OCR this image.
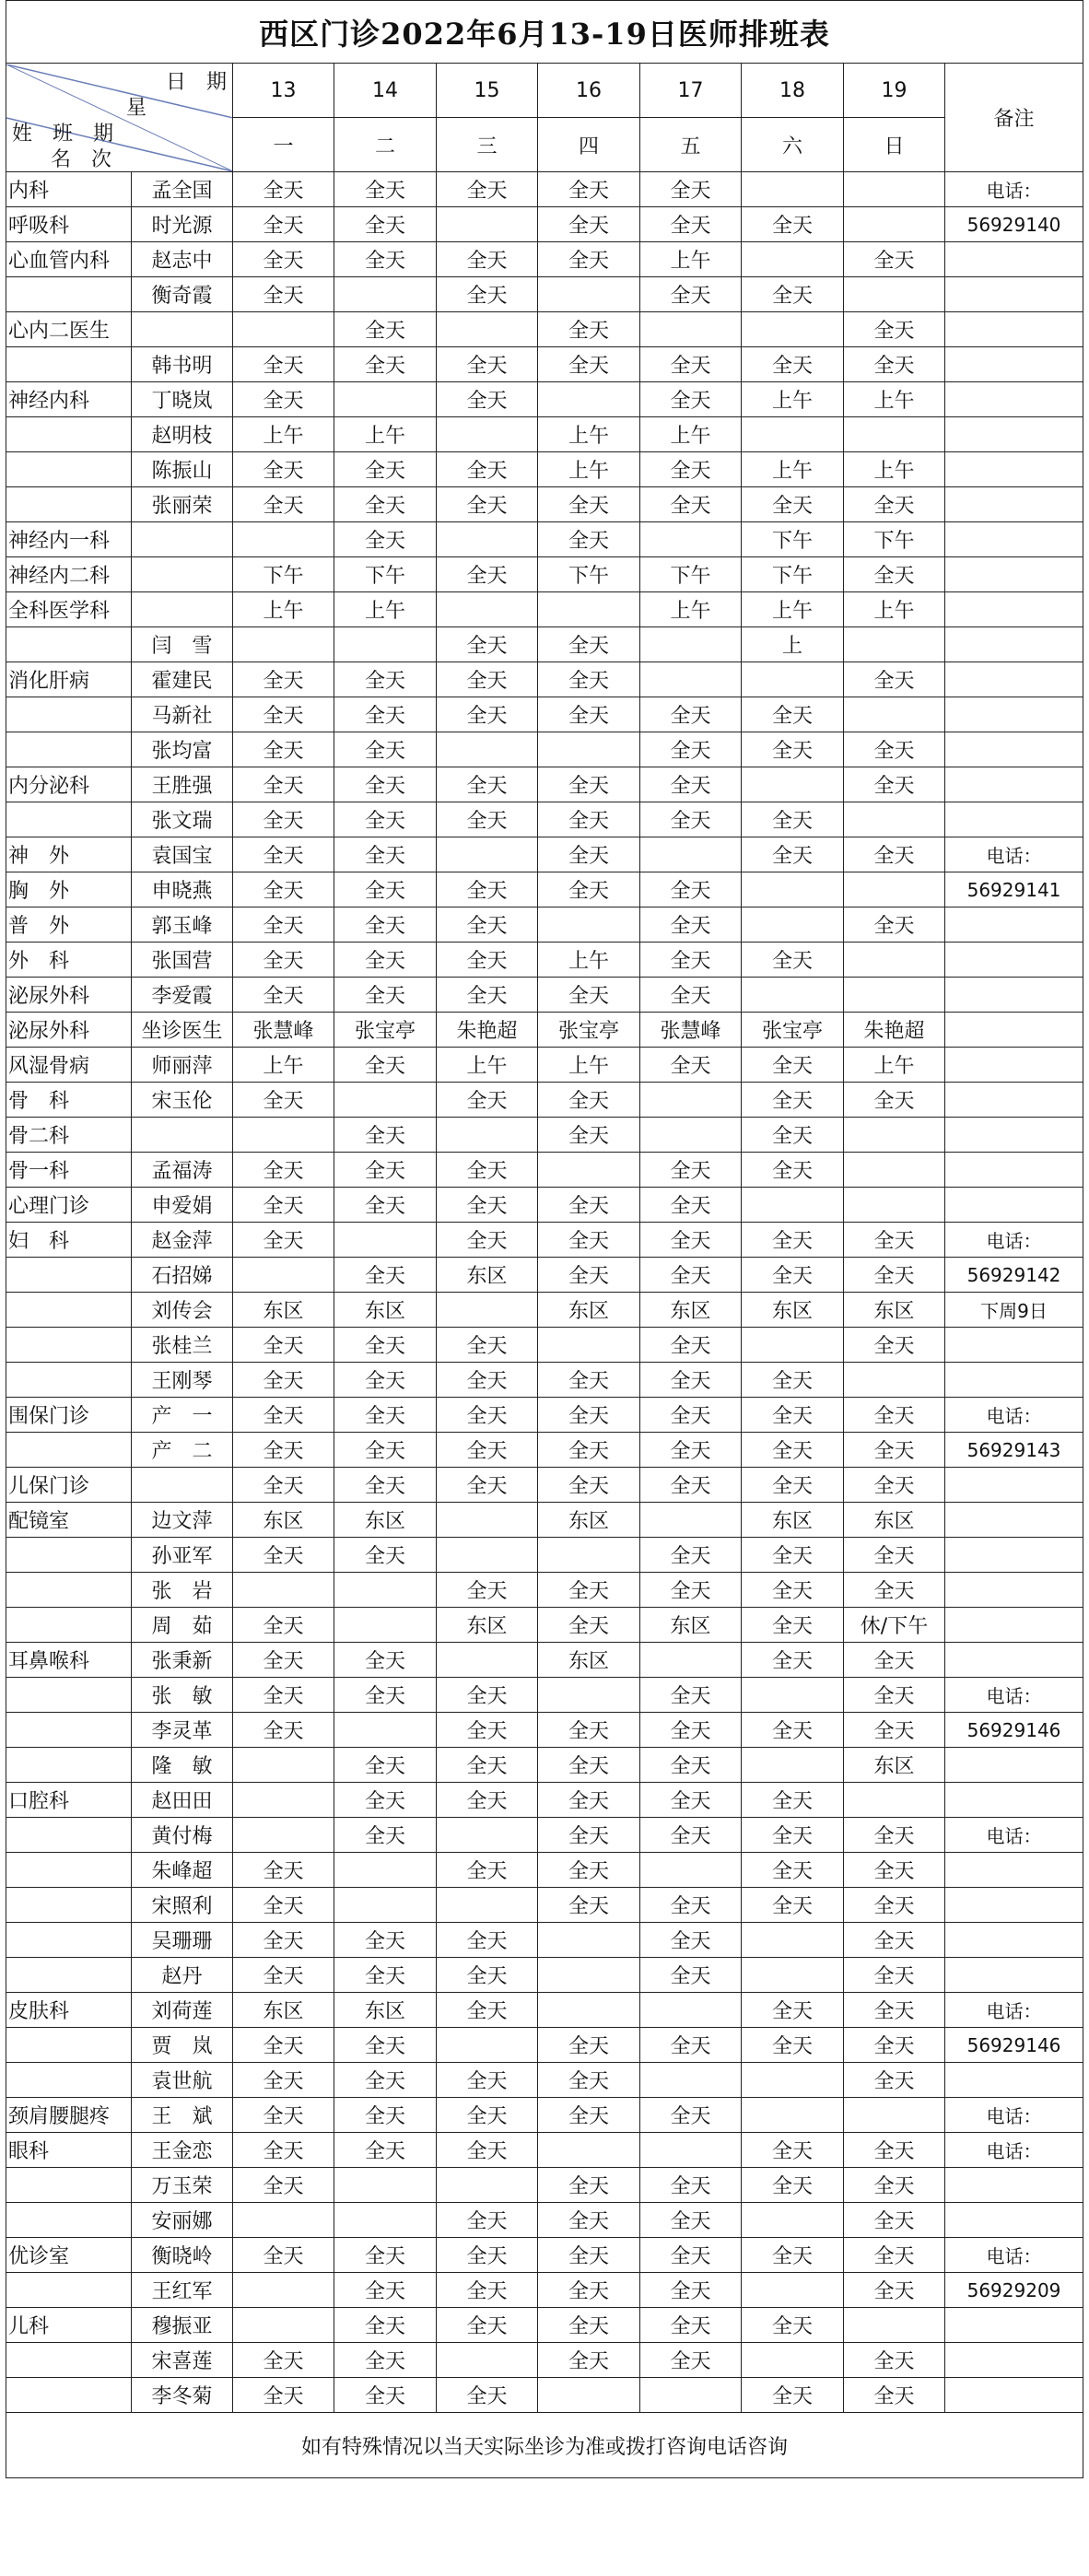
西区门诊2022年6月13-19日医师排班表									

日　期
星
姓　班　期
名　次		13	14	15	16	17	18	19	备注
		一	二	三	四	五	六	日	
内科	孟全国	全天	全天	全天	全天	全天			电话：
呼吸科	时光源	全天	全天		全天	全天	全天		56929140
心血管内科	赵志中	全天	全天	全天	全天	上午		全天	
	衡奇霞	全天		全天		全天	全天		
心内二医生			全天		全天			全天	
	韩书明	全天	全天	全天	全天	全天	全天	全天	
神经内科	丁晓岚	全天		全天		全天	上午	上午	
	赵明枝	上午	上午		上午	上午			
	陈振山	全天	全天	全天	上午	全天	上午	上午	
	张丽荣	全天	全天	全天	全天	全天	全天	全天	
神经内一科			全天		全天		下午	下午	
神经内二科		下午	下午	全天	下午	下午	下午	全天	
全科医学科		上午	上午			上午	上午	上午	
	闫　雪			全天	全天		上		
消化肝病	霍建民	全天	全天	全天	全天			全天	
	马新社	全天	全天	全天	全天	全天	全天		
	张均富	全天	全天			全天	全天	全天	
内分泌科	王胜强	全天	全天	全天	全天	全天		全天	
	张文瑞	全天	全天	全天	全天	全天	全天		
神　外	袁国宝	全天	全天		全天		全天	全天	电话：
胸　外	申晓燕	全天	全天	全天	全天	全天			56929141
普　外	郭玉峰	全天	全天	全天		全天		全天	
外　科	张国营	全天	全天	全天	上午	全天	全天		
泌尿外科	李爱霞	全天	全天	全天	全天	全天			
泌尿外科	坐诊医生	张慧峰	张宝亭	朱艳超	张宝亭	张慧峰	张宝亭	朱艳超	
风湿骨病	师丽萍	上午	全天	上午	上午	全天	全天	上午	
骨　科	宋玉伦	全天		全天	全天		全天	全天	
骨二科			全天		全天		全天		
骨一科	孟福涛	全天	全天	全天		全天	全天		
心理门诊	申爱娟	全天	全天	全天	全天	全天			
妇　科	赵金萍	全天		全天	全天	全天	全天	全天	电话：
	石招娣		全天	东区	全天	全天	全天	全天	56929142
	刘传会	东区	东区		东区	东区	东区	东区	下周9日
	张桂兰	全天	全天	全天		全天		全天	
	王刚琴	全天	全天	全天	全天	全天	全天		
围保门诊	产　一	全天	全天	全天	全天	全天	全天	全天	电话：
	产　二	全天	全天	全天	全天	全天	全天	全天	56929143
儿保门诊		全天	全天	全天	全天	全天	全天	全天	
配镜室	边文萍	东区	东区		东区		东区	东区	
	孙亚军	全天	全天			全天	全天	全天	
	张　岩			全天	全天	全天	全天	全天	
	周　茹	全天		东区	全天	东区	全天	休/下午	
耳鼻喉科	张秉新	全天	全天		东区		全天	全天	
	张　敏	全天	全天	全天		全天		全天	电话：
	李灵革	全天		全天	全天	全天	全天	全天	56929146
	隆　敏		全天	全天	全天	全天		东区	
口腔科	赵田田		全天	全天	全天	全天	全天		
	黄付梅		全天		全天	全天	全天	全天	电话：
	朱峰超	全天		全天	全天		全天	全天	
	宋照利	全天			全天	全天	全天	全天	
	吴珊珊	全天	全天	全天		全天		全天	
	赵丹	全天	全天	全天		全天		全天	
皮肤科	刘荷莲	东区	东区	全天			全天	全天	电话：
	贾　岚	全天	全天		全天	全天	全天	全天	56929146
	袁世航	全天	全天	全天	全天			全天	
颈肩腰腿疼	王　斌	全天	全天	全天	全天	全天			电话：
眼科	王金恋	全天	全天	全天			全天	全天	电话：
	万玉荣	全天			全天	全天	全天	全天	
	安丽娜			全天	全天	全天		全天	
优诊室	衡晓岭	全天	全天	全天	全天	全天	全天	全天	电话：
	王红军		全天	全天	全天	全天		全天	56929209
儿科	穆振亚		全天	全天	全天	全天	全天		
	宋喜莲	全天	全天		全天	全天		全天	
	李冬菊	全天	全天	全天			全天	全天	
如有特殊情况以当天实际坐诊为准或拨打咨询电话咨询									
